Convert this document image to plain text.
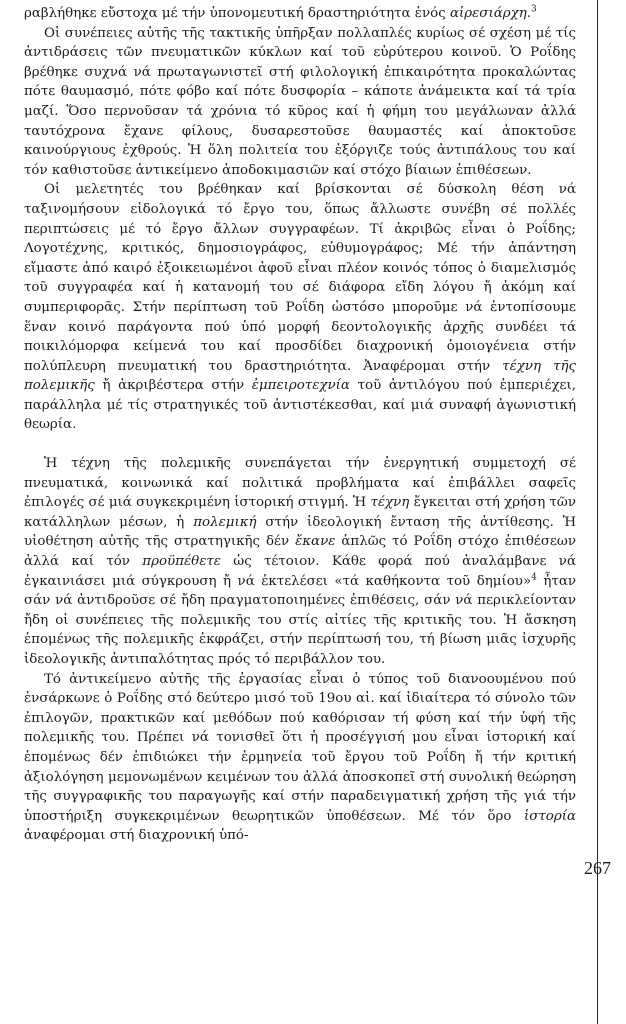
ραβλήθηκε εὔστοχα μέ τήν ὑπονομευτική δραστηριότητα ἑνός αἱρεσιάρχη.$^3$

Οἱ συνέπειες αὐτῆς τῆς τακτικῆς ὑπῆρξαν πολλαπλές κυρίως σέ σχέση μέ τίς ἀντιδράσεις τῶν πνευματικῶν κύκλων καί τοῦ εὐρύτερου κοινοῦ. Ὁ Ροΐδης βρέθηκε συχνά νά πρωταγωνιστεῖ στή φιλολογική ἐπικαιρότητα προκαλώντας πότε θαυμασμό, πότε φόβο καί πότε δυσφορία – κάποτε ἀνάμεικτα καί τά τρία μαζί. Ὅσο περνοῦσαν τά χρόνια τό κῦρος καί ἡ φήμη του μεγάλωναν ἀλλά ταυτόχρονα ἔχανε φίλους, δυσαρεστοῦσε θαυμαστές καί ἀποκτοῦσε καινούργιους ἐχθρούς. Ἡ ὅλη πολιτεία του ἐξόργιζε τούς ἀντιπάλους του καί τόν καθιστοῦσε ἀντικείμενο ἀποδοκιμασιῶν καί στόχο βίαιων ἐπιθέσεων.

Οἱ μελετητές του βρέθηκαν καί βρίσκονται σέ δύσκολη θέση νά ταξινομήσουν εἰδολογικά τό ἔργο του, ὅπως ἄλλωστε συνέβη σέ πολλές περιπτώσεις μέ τό ἔργο ἄλλων συγγραφέων. Τί ἀκριβῶς εἶναι ὁ Ροΐδης; Λογοτέχνης, κριτικός, δημοσιογράφος, εὐθυμογράφος; Μέ τήν ἀπάντηση εἴμαστε ἀπό καιρό ἐξοικειωμένοι ἀφοῦ εἶναι πλέον κοινός τόπος ὁ διαμελισμός τοῦ συγγραφέα καί ἡ κατανομή του σέ διάφορα εἴδη λόγου ἤ ἀκόμη καί συμπεριφορᾶς. Στήν περίπτωση τοῦ Ροΐδη ὡστόσο μποροῦμε νά ἐντοπίσουμε ἕναν κοινό παράγοντα πού ὑπό μορφή δεοντολογικῆς ἀρχῆς συνδέει τά ποικιλόμορφα κείμενά του καί προσδίδει διαχρονική ὁμοιογένεια στήν πολύπλευρη πνευματική του δραστηριότητα. Ἀναφέρομαι στήν τέχνη τῆς πολεμικῆς ἤ ἀκριβέστερα στήν ἐμπειροτεχνία τοῦ ἀντιλόγου πού ἐμπεριέχει, παράλληλα μέ τίς στρατηγικές τοῦ ἀντιστέκεσθαι, καί μιά συναφή ἀγωνιστική θεωρία.

Ἡ τέχνη τῆς πολεμικῆς συνεπάγεται τήν ἐνεργητική συμμετοχή σέ πνευματικά, κοινωνικά καί πολιτικά προβλήματα καί ἐπιβάλλει σαφεῖς ἐπιλογές σέ μιά συγκεκριμένη ἱστορική στιγμή. Ἡ τέχνη ἔγκειται στή χρήση τῶν κατάλληλων μέσων, ἡ πολεμική στήν ἰδεολογική ἔνταση τῆς ἀντίθεσης. Ἡ υἱοθέτηση αὐτῆς τῆς στρατηγικῆς δέν ἔκανε ἁπλῶς τό Ροΐδη στόχο ἐπιθέσεων ἀλλά καί τόν προϋπέθετε ὡς τέτοιον. Κάθε φορά πού ἀναλάμβανε νά ἐγκαινιάσει μιά σύγκρουση ἤ νά ἐκτελέσει «τά καθήκοντα τοῦ δημίου»$^4$ ἦταν σάν νά ἀντιδροῦσε σέ ἤδη πραγματοποιημένες ἐπιθέσεις, σάν νά περικλείονταν ἤδη οἱ συνέπειες τῆς πολεμικῆς του στίς αἰτίες τῆς κριτικῆς του. Ἡ ἄσκηση ἑπομένως τῆς πολεμικῆς ἐκφράζει, στήν περίπτωσή του, τή βίωση μιᾶς ἰσχυρῆς ἰδεολογικῆς ἀντιπαλότητας πρός τό περιβάλλον του.

Τό ἀντικείμενο αὐτῆς τῆς ἐργασίας εἶναι ὁ τύπος τοῦ διανοουμένου πού ἐνσάρκωνε ὁ Ροΐδης στό δεύτερο μισό τοῦ 19ου αἰ. καί ἰδιαίτερα τό σύνολο τῶν ἐπιλογῶν, πρακτικῶν καί μεθόδων πού καθόρισαν τή φύση καί τήν ὑφή τῆς πολεμικῆς του. Πρέπει νά τονισθεῖ ὅτι ἡ προσέγγισή μου εἶναι ἱστορική καί ἑπομένως δέν ἐπιδιώκει τήν ἑρμηνεία τοῦ ἔργου τοῦ Ροΐδη ἤ τήν κριτική ἀξιολόγηση μεμονωμένων κειμένων του ἀλλά ἀποσκοπεῖ στή συνολική θεώρηση τῆς συγγραφικῆς του παραγωγῆς καί στήν παραδειγματική χρήση τῆς γιά τήν ὑποστήριξη συγκεκριμένων θεωρητικῶν ὑποθέσεων. Μέ τόν ὅρο ἱστορία ἀναφέρομαι στή διαχρονική ὑπό-

267
